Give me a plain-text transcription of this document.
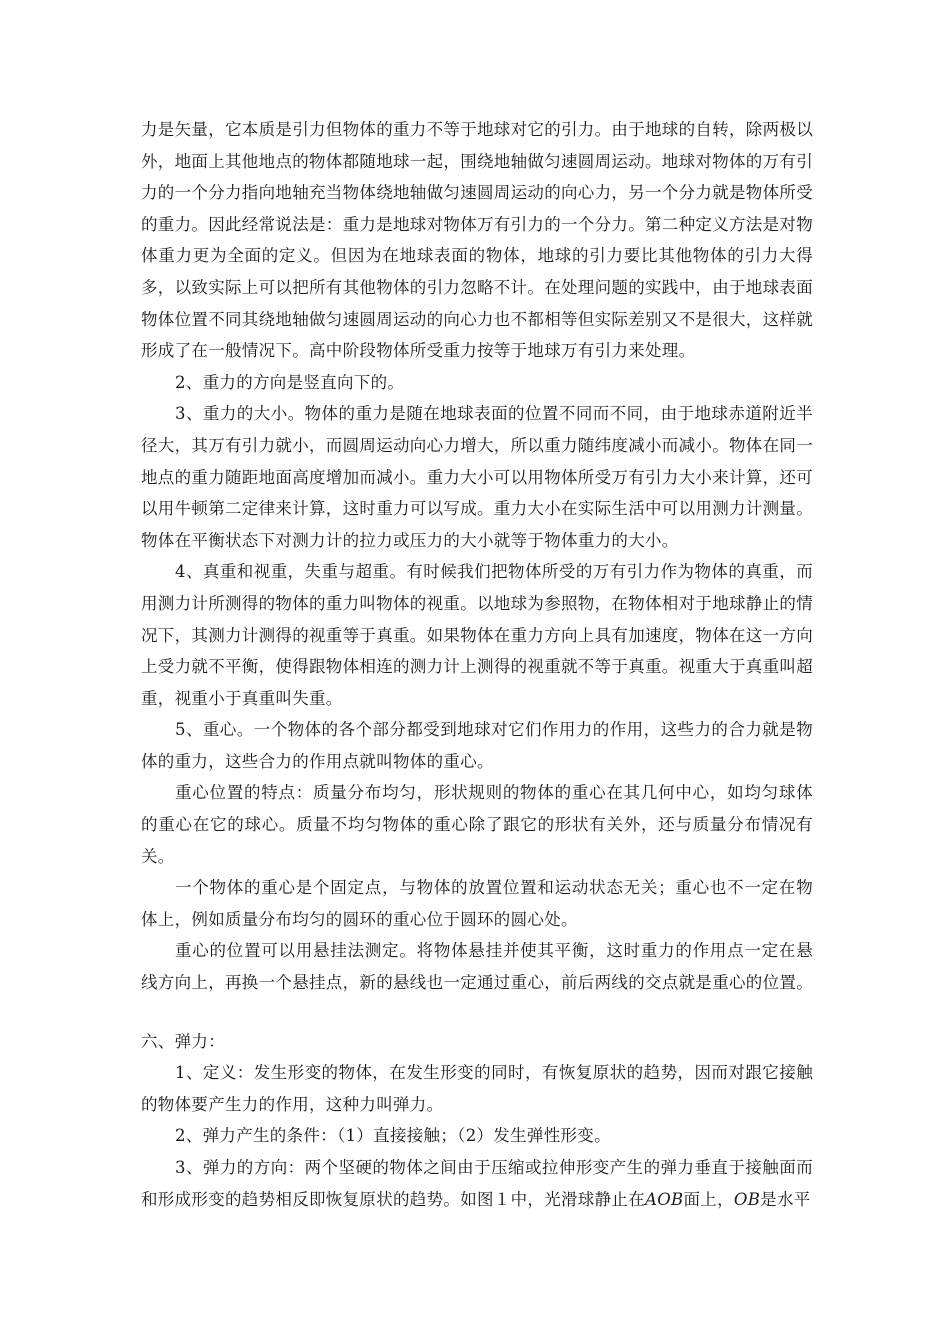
力是矢量，它本质是引力但物体的重力不等于地球对它的引力。由于地球的自转，除两极以外，地面上其他地点的物体都随地球一起，围绕地轴做匀速圆周运动。地球对物体的万有引力的一个分力指向地轴充当物体绕地轴做匀速圆周运动的向心力，另一个分力就是物体所受的重力。因此经常说法是：重力是地球对物体万有引力的一个分力。第二种定义方法是对物体重力更为全面的定义。但因为在地球表面的物体，地球的引力要比其他物体的引力大得多，以致实际上可以把所有其他物体的引力忽略不计。在处理问题的实践中，由于地球表面物体位置不同其绕地轴做匀速圆周运动的向心力也不都相等但实际差别又不是很大，这样就形成了在一般情况下。高中阶段物体所受重力按等于地球万有引力来处理。

2、重力的方向是竖直向下的。

3、重力的大小。物体的重力是随在地球表面的位置不同而不同，由于地球赤道附近半径大，其万有引力就小，而圆周运动向心力增大，所以重力随纬度减小而减小。物体在同一地点的重力随距地面高度增加而减小。重力大小可以用物体所受万有引力大小来计算，还可以用牛顿第二定律来计算，这时重力可以写成。重力大小在实际生活中可以用测力计测量。物体在平衡状态下对测力计的拉力或压力的大小就等于物体重力的大小。

4、真重和视重，失重与超重。有时候我们把物体所受的万有引力作为物体的真重，而用测力计所测得的物体的重力叫物体的视重。以地球为参照物，在物体相对于地球静止的情况下，其测力计测得的视重等于真重。如果物体在重力方向上具有加速度，物体在这一方向上受力就不平衡，使得跟物体相连的测力计上测得的视重就不等于真重。视重大于真重叫超重，视重小于真重叫失重。

5、重心。一个物体的各个部分都受到地球对它们作用力的作用，这些力的合力就是物体的重力，这些合力的作用点就叫物体的重心。

重心位置的特点：质量分布均匀，形状规则的物体的重心在其几何中心，如均匀球体的重心在它的球心。质量不均匀物体的重心除了跟它的形状有关外，还与质量分布情况有关。

一个物体的重心是个固定点，与物体的放置位置和运动状态无关；重心也不一定在物体上，例如质量分布均匀的圆环的重心位于圆环的圆心处。

重心的位置可以用悬挂法测定。将物体悬挂并使其平衡，这时重力的作用点一定在悬线方向上，再换一个悬挂点，新的悬线也一定通过重心，前后两线的交点就是重心的位置。

六、弹力：

1、定义：发生形变的物体，在发生形变的同时，有恢复原状的趋势，因而对跟它接触的物体要产生力的作用，这种力叫弹力。

2、弹力产生的条件：（1）直接接触；（2）发生弹性形变。

3、弹力的方向：两个坚硬的物体之间由于压缩或拉伸形变产生的弹力垂直于接触面而和形成形变的趋势相反即恢复原状的趋势。如图１中，光滑球静止在AOB面上，OB是水平
